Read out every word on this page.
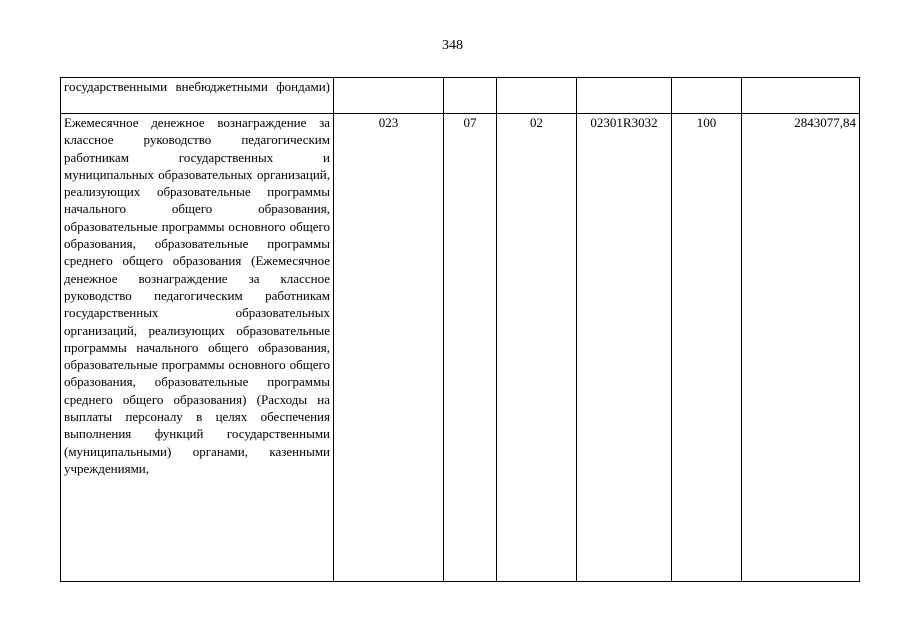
348
государственными внебюджетными фондами)						
Ежемесячное денежное вознаграждение за классное руководство педагогическим работникам государственных и муниципальных образовательных организаций, реализующих образовательные программы начального общего образования, образовательные программы основного общего образования, образовательные программы среднего общего образования (Ежемесячное денежное вознаграждение за классное руководство педагогическим работникам государственных образовательных организаций, реализующих образовательные программы начального общего образования, образовательные программы основного общего образования, образовательные программы среднего общего образования) (Расходы на выплаты персоналу в целях обеспечения выполнения функций государственными (муниципальными) органами, казенными учреждениями,	023	07	02	02301R3032	100	2843077,84
